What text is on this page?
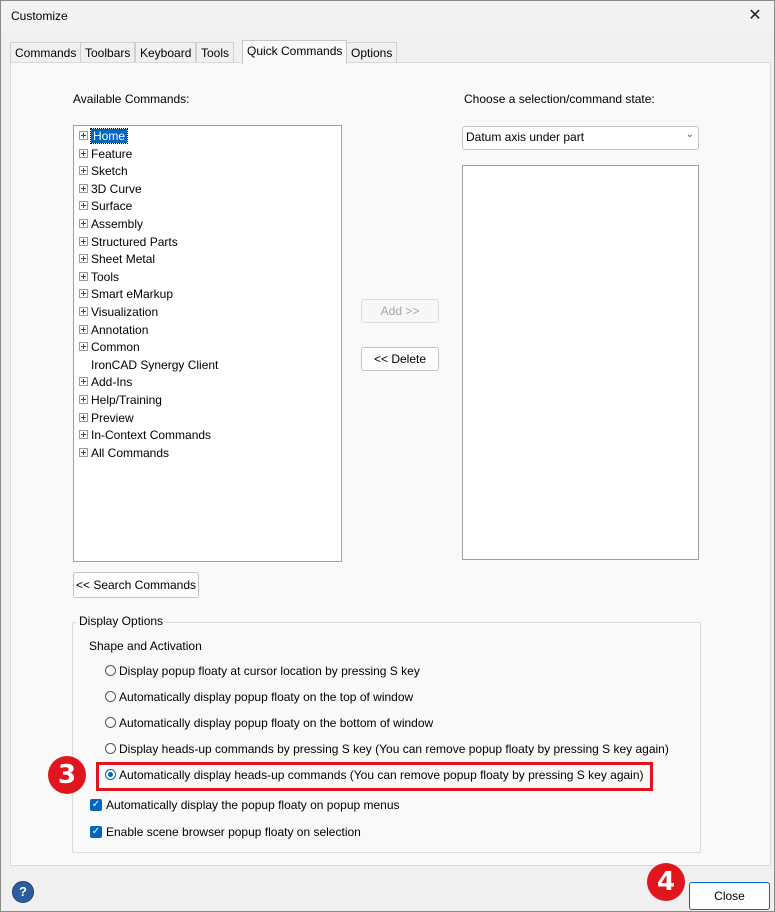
Customize	✕
Commands Toolbars Keyboard Tools	Quick Commands Options
Available Commands:
Home
Feature
Sketch
3D Curve
Surface
Assembly
Structured Parts
Sheet Metal
Tools
Smart eMarkup
Visualization
Annotation
Common
IronCAD Synergy Client
Add-Ins
Help/Training
Preview
In-Context Commands
All Commands
Add >>
<< Delete
Choose a selection/command state:
Datum axis under part	⌄
<< Search Commands
Display Options
Shape and Activation
Display popup floaty at cursor location by pressing S key
Automatically display popup floaty on the top of window
Automatically display popup floaty on the bottom of window
Display heads-up commands by pressing S key (You can remove popup floaty by pressing S key again)
Automatically display heads-up commands (You can remove popup floaty by pressing S key again)
3
✓ Automatically display the popup floaty on popup menus
✓ Enable scene browser popup floaty on selection
?	4	Close
